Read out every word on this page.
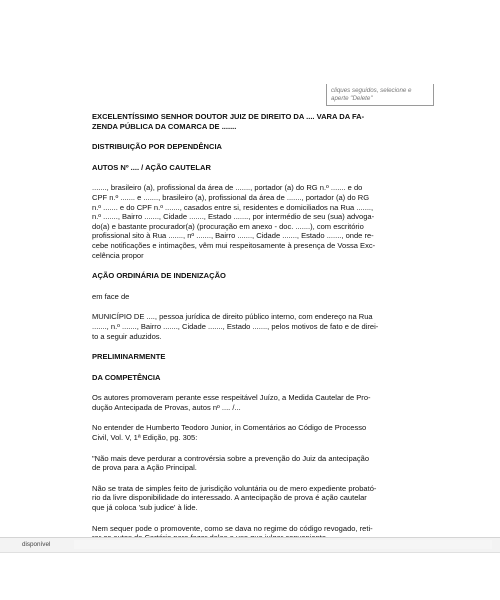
cliques seguidos, selecione e
aperte "Delete"

EXCELENTÍSSIMO SENHOR DOUTOR JUIZ DE DIREITO DA .... VARA DA FA-
ZENDA PÚBLICA DA COMARCA DE .......

DISTRIBUIÇÃO POR DEPENDÊNCIA

AUTOS Nº .... / AÇÃO CAUTELAR

......., brasileiro (a), profissional da área de ......., portador (a) do RG n.º ....... e do
CPF n.º ....... e ......., brasileiro (a), profissional da área de ......., portador (a) do RG
n.º ....... e do CPF n.º ......., casados entre si, residentes e domiciliados na Rua .......,
n.º ......., Bairro ......., Cidade ......., Estado ......., por intermédio de seu (sua) advoga-
do(a) e bastante procurador(a) (procuração em anexo - doc. .......), com escritório
profissional sito à Rua ......., nº ......., Bairro ......., Cidade ......., Estado ......., onde re-
cebe notificações e intimações, vêm mui respeitosamente à presença de Vossa Exc-
celência propor

AÇÃO ORDINÁRIA DE INDENIZAÇÃO

em face de

MUNICÍPIO DE ...., pessoa jurídica de direito público interno, com endereço na Rua
......., n.º ......., Bairro ......., Cidade ......., Estado ......., pelos motivos de fato e de direi-
to a seguir aduzidos.

PRELIMINARMENTE

DA COMPETÊNCIA

Os autores promoveram perante esse respeitável Juízo, a Medida Cautelar de Pro-
dução Antecipada de Provas, autos nº .... /...

No entender de Humberto Teodoro Junior, in Comentários ao Código de Processo
Civil, Vol. V, 1ª Edição, pg. 305:

"Não mais deve perdurar a controvérsia sobre a prevenção do Juiz da antecipação
de prova para a Ação Principal.

Não se trata de simples feito de jurisdição voluntária ou de mero expediente probató-
rio da livre disponibilidade do interessado. A antecipação de prova é ação cautelar
que já coloca 'sub judice' à lide.

Nem sequer pode o promovente, como se dava no regime do código revogado, reti-

disponível
